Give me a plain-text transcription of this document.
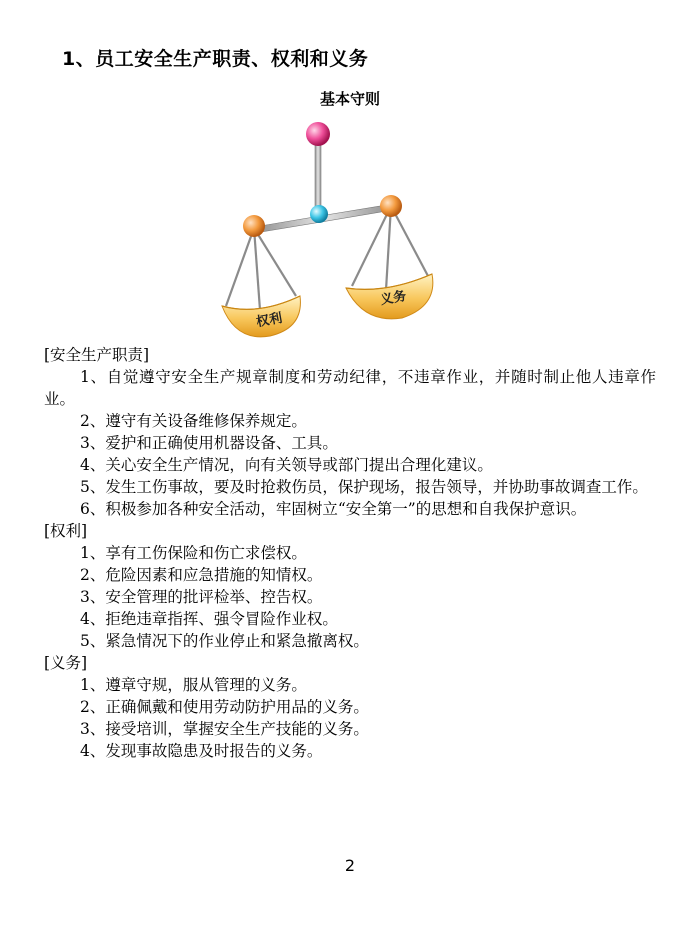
1、员工安全生产职责、权利和义务
基本守则
权利
义务

[安全生产职责]

1、自觉遵守安全生产规章制度和劳动纪律，不违章作业，并随时制止他人违章作业。

2、遵守有关设备维修保养规定。

3、爱护和正确使用机器设备、工具。

4、关心安全生产情况，向有关领导或部门提出合理化建议。

5、发生工伤事故，要及时抢救伤员，保护现场，报告领导，并协助事故调查工作。

6、积极参加各种安全活动，牢固树立“安全第一”的思想和自我保护意识。

[权利]

1、享有工伤保险和伤亡求偿权。

2、危险因素和应急措施的知情权。

3、安全管理的批评检举、控告权。

4、拒绝违章指挥、强令冒险作业权。

5、紧急情况下的作业停止和紧急撤离权。

[义务]

1、遵章守规，服从管理的义务。

2、正确佩戴和使用劳动防护用品的义务。

3、接受培训，掌握安全生产技能的义务。

4、发现事故隐患及时报告的义务。

2
